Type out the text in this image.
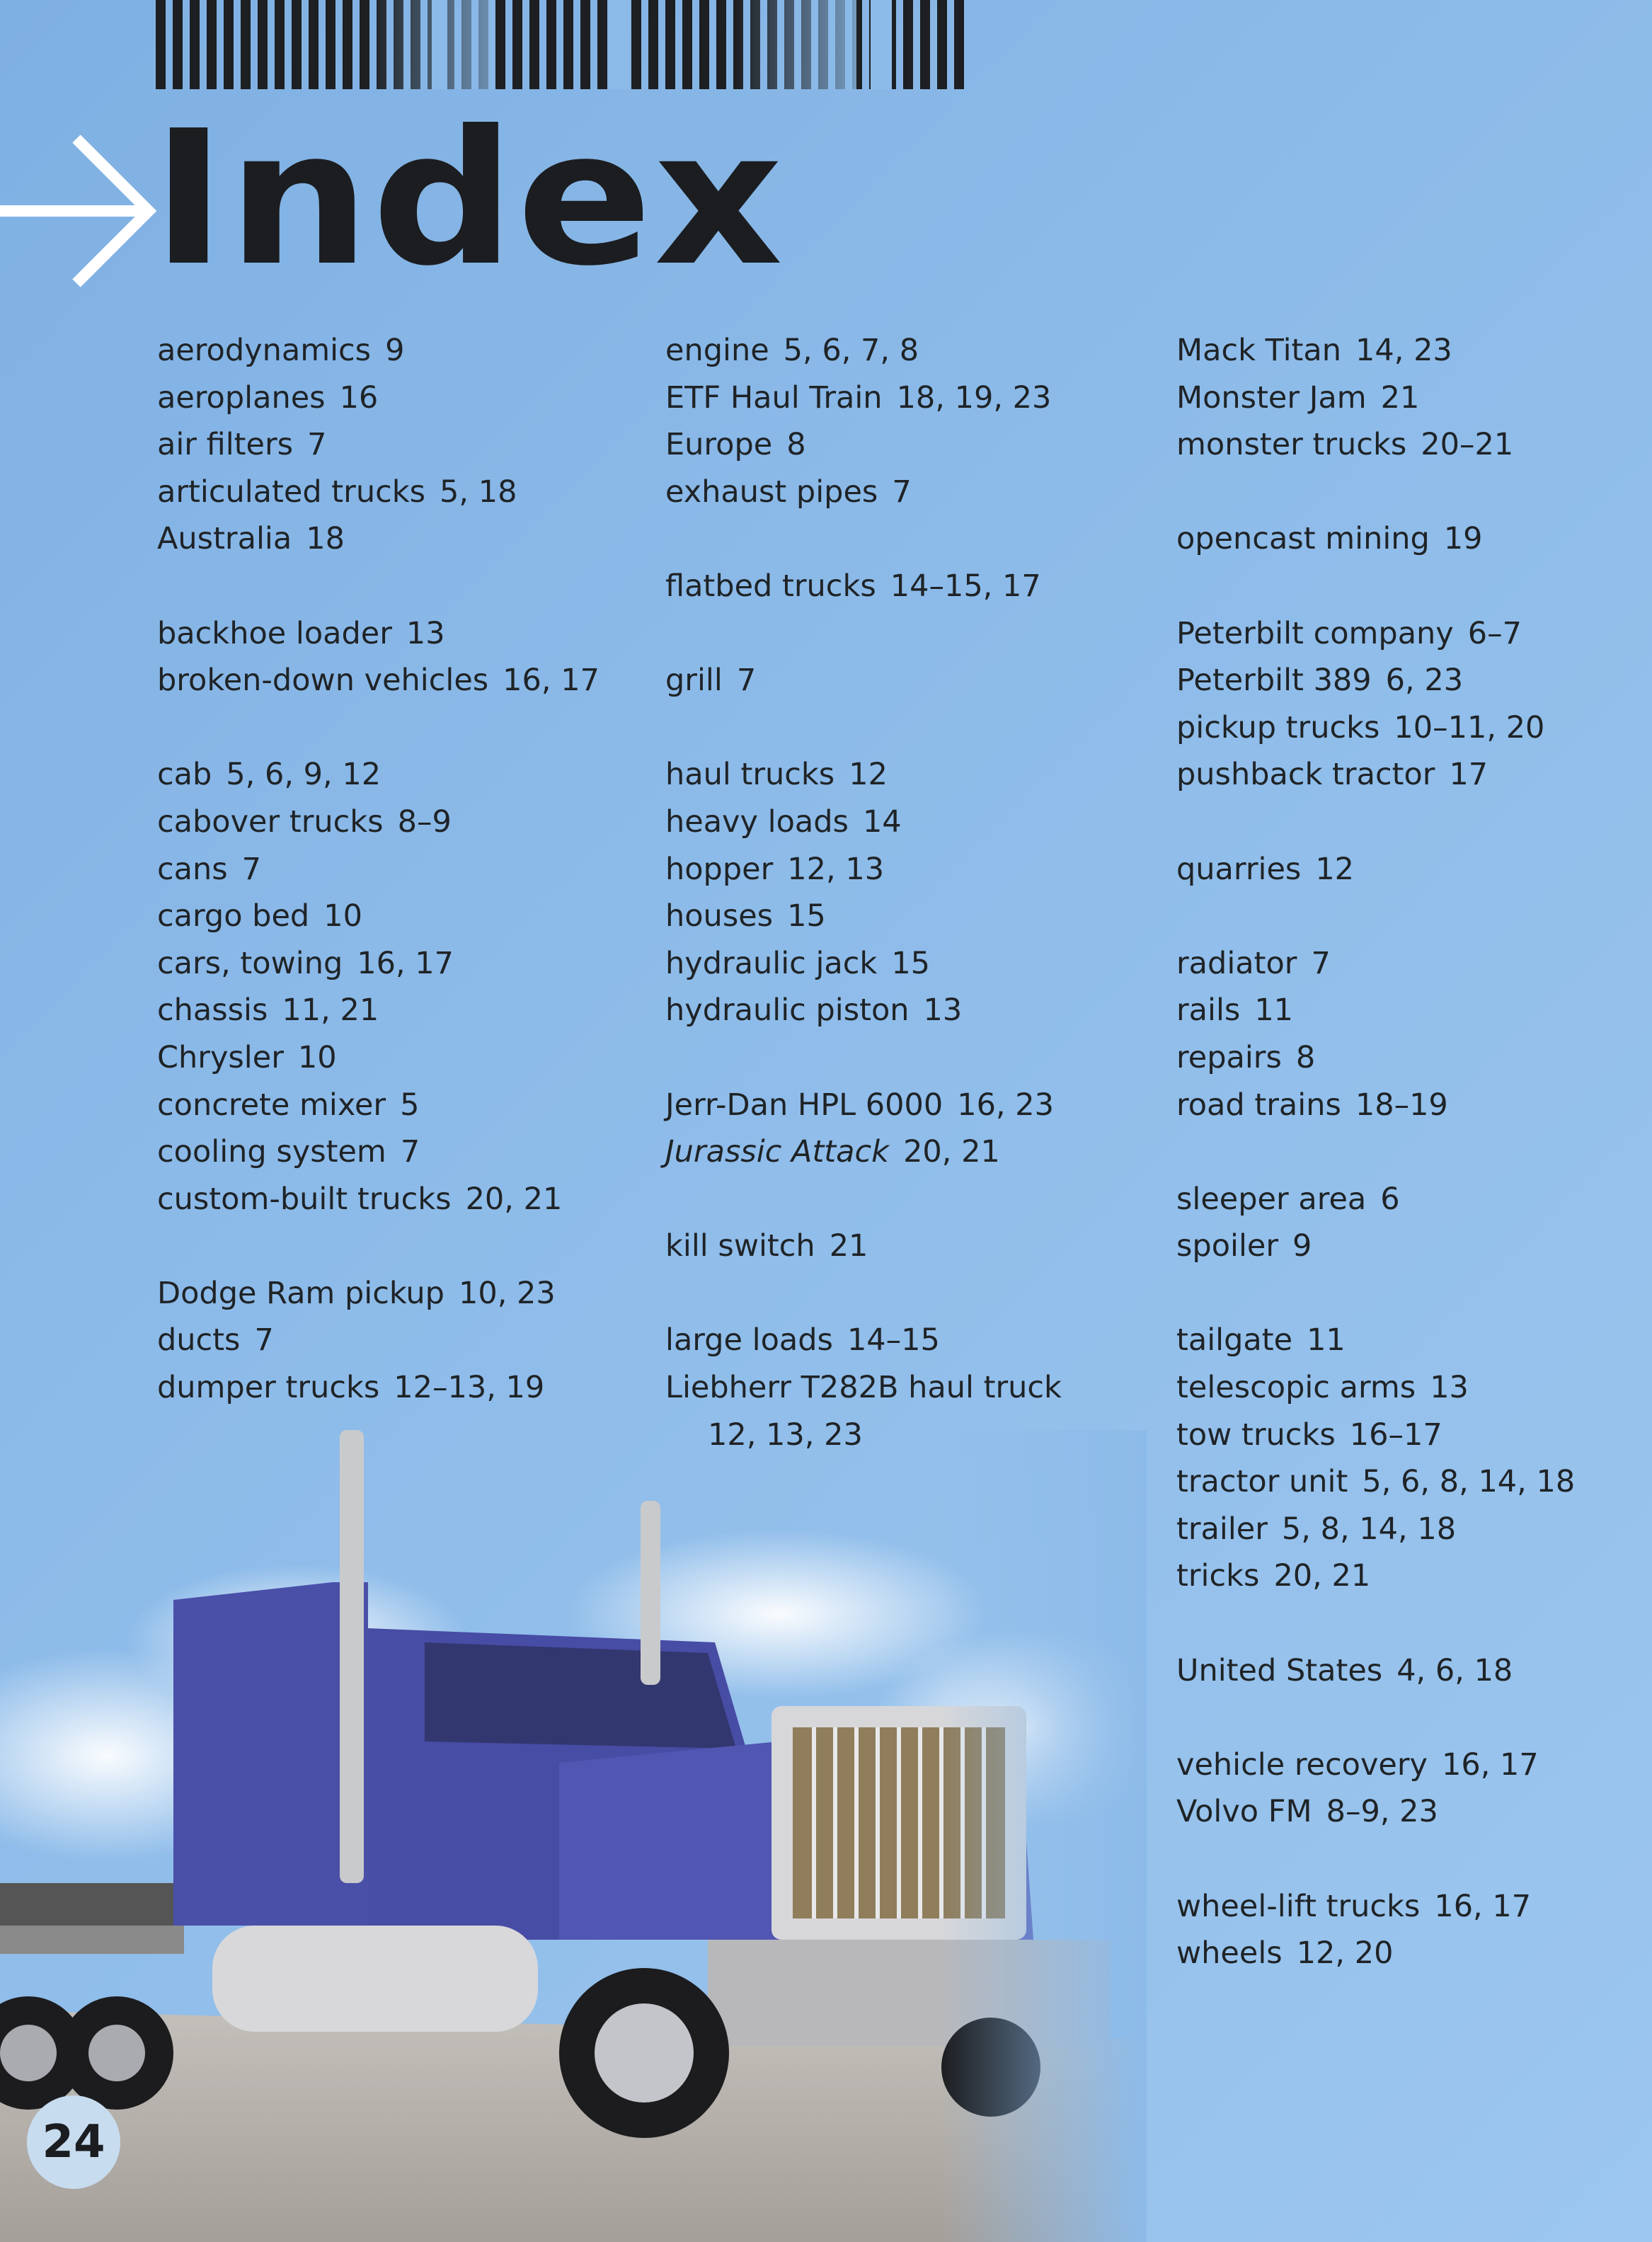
Index
aerodynamics 9
aeroplanes 16
air filters 7
articulated trucks 5, 18
Australia 18
backhoe loader 13
broken-down vehicles 16, 17
cab 5, 6, 9, 12
cabover trucks 8–9
cans 7
cargo bed 10
cars, towing 16, 17
chassis 11, 21
Chrysler 10
concrete mixer 5
cooling system 7
custom-built trucks 20, 21
Dodge Ram pickup 10, 23
ducts 7
dumper trucks 12–13, 19
engine 5, 6, 7, 8
ETF Haul Train 18, 19, 23
Europe 8
exhaust pipes 7
flatbed trucks 14–15, 17
grill 7
haul trucks 12
heavy loads 14
hopper 12, 13
houses 15
hydraulic jack 15
hydraulic piston 13
Jerr-Dan HPL 6000 16, 23
Jurassic Attack 20, 21
kill switch 21
large loads 14–15
Liebherr T282B haul truck
Mack Titan 14, 23
Monster Jam 21
monster trucks 20–21
opencast mining 19
Peterbilt company 6–7
Peterbilt 389 6, 23
pickup trucks 10–11, 20
pushback tractor 17
quarries 12
radiator 7
rails 11
repairs 8
road trains 18–19
sleeper area 6
spoiler 9
tailgate 11
telescopic arms 13
tow trucks 16–17
tractor unit 5, 6, 8, 14, 18
trailer 5, 8, 14, 18
tricks 20, 21
United States 4, 6, 18
vehicle recovery 16, 17
Volvo FM 8–9, 23
wheel-lift trucks 16, 17
wheels 12, 20
24
